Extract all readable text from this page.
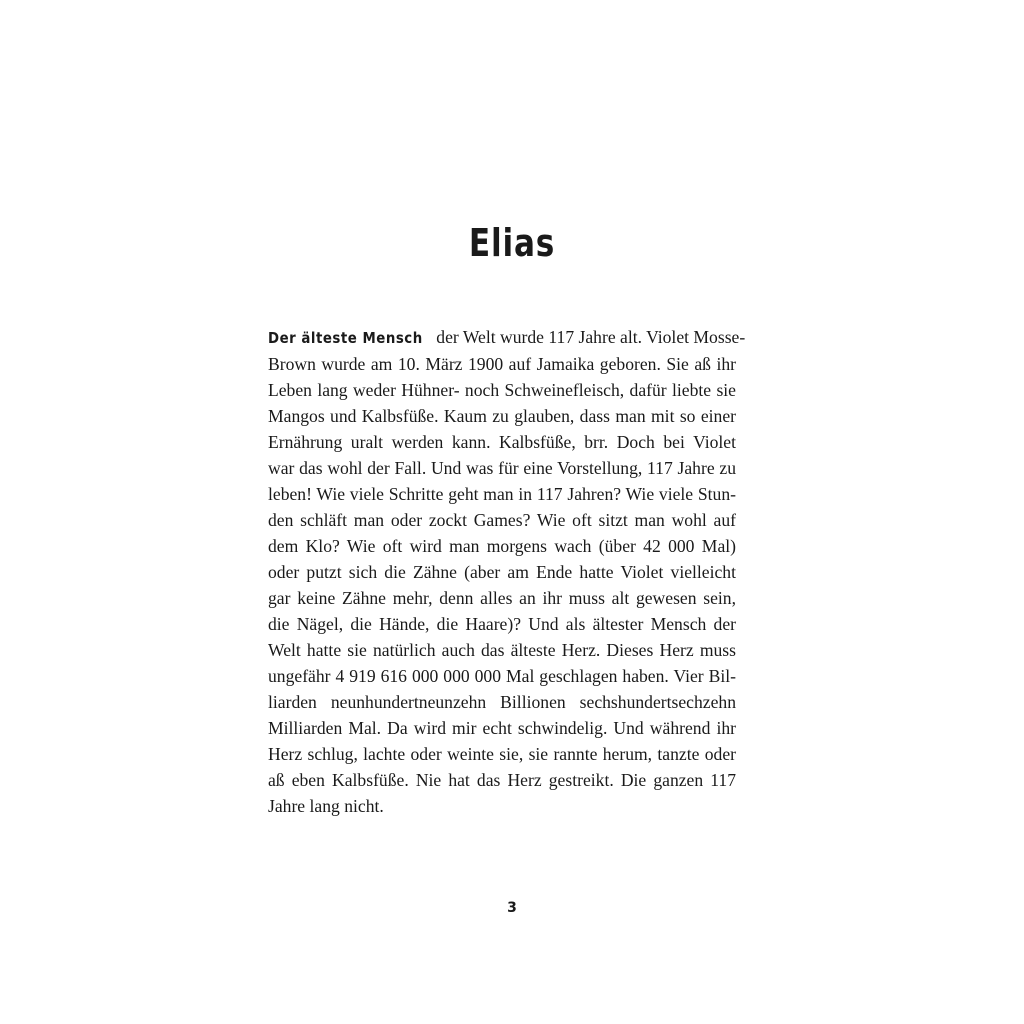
Elias
Der älteste Mensch der Welt wurde 117 Jahre alt. Violet Mosse-
Brown wurde am 10. März 1900 auf Jamaika geboren. Sie aß ihr
Leben lang weder Hühner- noch Schweinefleisch, dafür liebte sie
Mangos und Kalbsfüße. Kaum zu glauben, dass man mit so einer
Ernährung uralt werden kann. Kalbsfüße, brr. Doch bei Violet
war das wohl der Fall. Und was für eine Vorstellung, 117 Jahre zu
leben! Wie viele Schritte geht man in 117 Jahren? Wie viele Stun-
den schläft man oder zockt Games? Wie oft sitzt man wohl auf
dem Klo? Wie oft wird man morgens wach (über 42 000 Mal)
oder putzt sich die Zähne (aber am Ende hatte Violet vielleicht
gar keine Zähne mehr, denn alles an ihr muss alt gewesen sein,
die Nägel, die Hände, die Haare)? Und als ältester Mensch der
Welt hatte sie natürlich auch das älteste Herz. Dieses Herz muss
ungefähr 4 919 616 000 000 000 Mal geschlagen haben. Vier Bil-
liarden neunhundertneunzehn Billionen sechshundertsechzehn
Milliarden Mal. Da wird mir echt schwindelig. Und während ihr
Herz schlug, lachte oder weinte sie, sie rannte herum, tanzte oder
aß eben Kalbsfüße. Nie hat das Herz gestreikt. Die ganzen 117
Jahre lang nicht.
3
